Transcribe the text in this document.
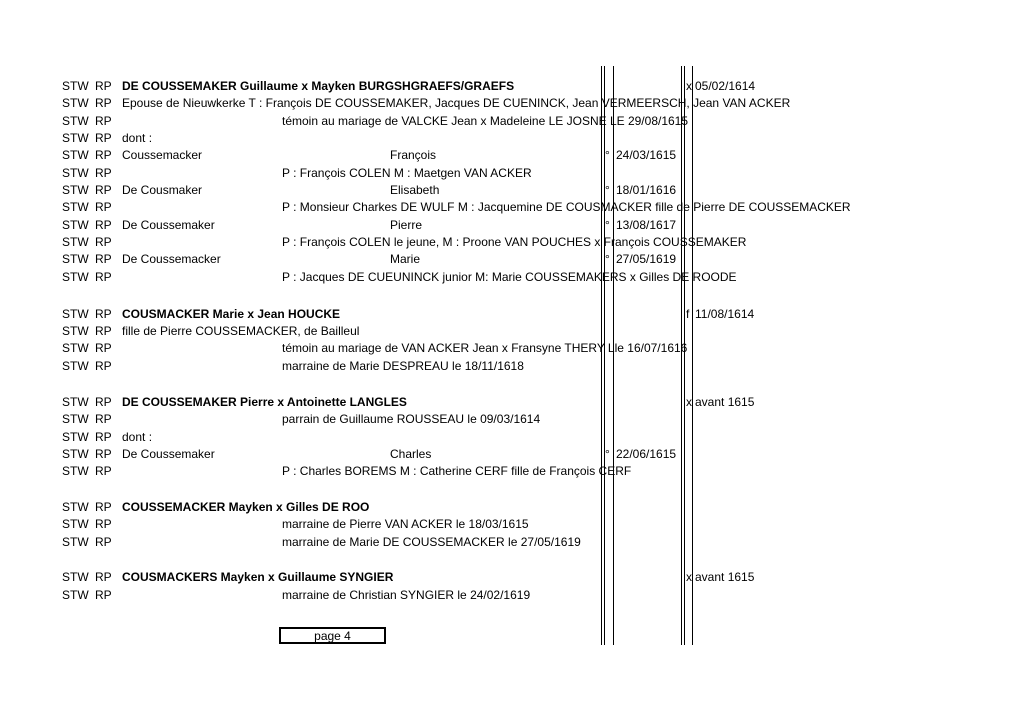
STW RP DE COUSSEMAKER Guillaume x Mayken BURGSHGRAEFS/GRAEFS	x 05/02/1614
STW RP Epouse de Nieuwkerke T : François DE COUSSEMAKER, Jacques DE CUENINCK, Jean VERMEERSCH, Jean VAN ACKER
STW RP	témoin au mariage de VALCKE Jean x Madeleine LE JOSNE LE 29/08/1615
STW RP dont :
STW RP Coussemacker	François	° 24/03/1615
STW RP	P : François COLEN M : Maetgen VAN ACKER
STW RP De Cousmaker	Elisabeth	° 18/01/1616
STW RP	P : Monsieur Charkes DE WULF M : Jacquemine DE COUSMACKER fille de Pierre DE COUSSEMACKER
STW RP De Coussemaker	Pierre	° 13/08/1617
STW RP	P : François COLEN le jeune, M : Proone VAN POUCHES x François COUSSEMAKER
STW RP De Coussemacker	Marie	° 27/05/1619
STW RP	P : Jacques DE CUEUNINCK junior M: Marie COUSSEMAKERS x Gilles DE ROODE
STW RP COUSMACKER Marie x Jean HOUCKE	f 11/08/1614
STW RP fille de Pierre COUSSEMACKER, de Bailleul
STW RP	témoin au mariage de VAN ACKER Jean x Fransyne THERY Lle 16/07/1616
STW RP	marraine de Marie DESPREAU le 18/11/1618
STW RP DE COUSSEMAKER Pierre x Antoinette LANGLES	x avant 1615
STW RP	parrain de Guillaume ROUSSEAU le 09/03/1614
STW RP dont :
STW RP De Coussemaker	Charles	° 22/06/1615
STW RP	P : Charles BOREMS M : Catherine CERF fille de François CERF
STW RP COUSSEMACKER Mayken x Gilles DE ROO
STW RP	marraine de Pierre VAN ACKER le 18/03/1615
STW RP	marraine de Marie DE COUSSEMACKER le 27/05/1619
STW RP COUSMACKERS Mayken x Guillaume SYNGIER	x avant 1615
STW RP	marraine de Christian SYNGIER le 24/02/1619
page 4
